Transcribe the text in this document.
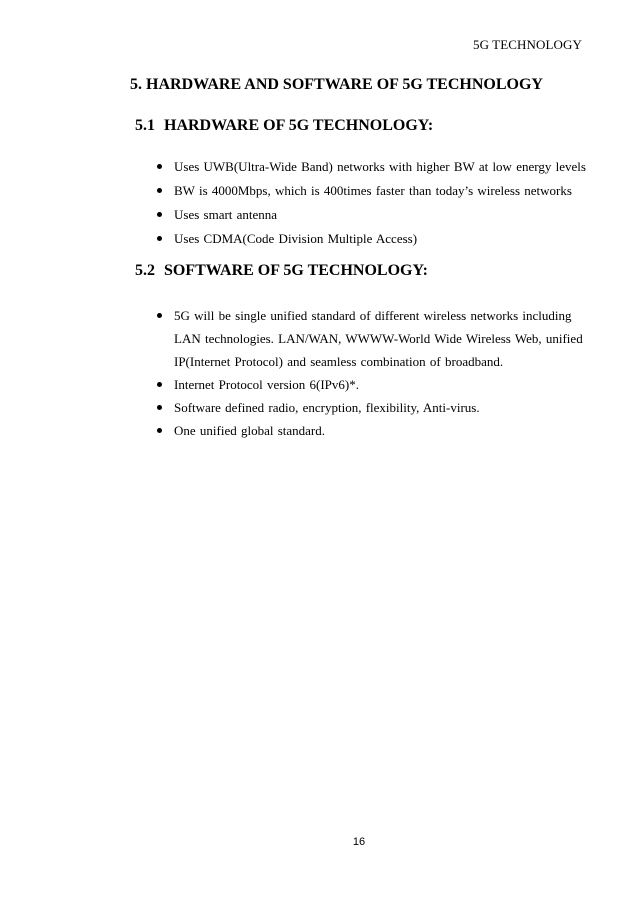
5G TECHNOLOGY
5. HARDWARE AND SOFTWARE OF 5G TECHNOLOGY
5.1 HARDWARE OF 5G TECHNOLOGY:
Uses UWB(Ultra-Wide Band) networks with higher BW at low energy levels
BW is 4000Mbps, which is 400times faster than today’s wireless networks
Uses smart antenna
Uses CDMA(Code Division Multiple Access)
5.2 SOFTWARE OF 5G TECHNOLOGY:
5G will be single unified standard of different wireless networks including LAN technologies. LAN/WAN, WWWW-World Wide Wireless Web, unified IP(Internet Protocol) and seamless combination of broadband.
Internet Protocol version 6(IPv6)*.
Software defined radio, encryption, flexibility, Anti-virus.
One unified global standard.
16
